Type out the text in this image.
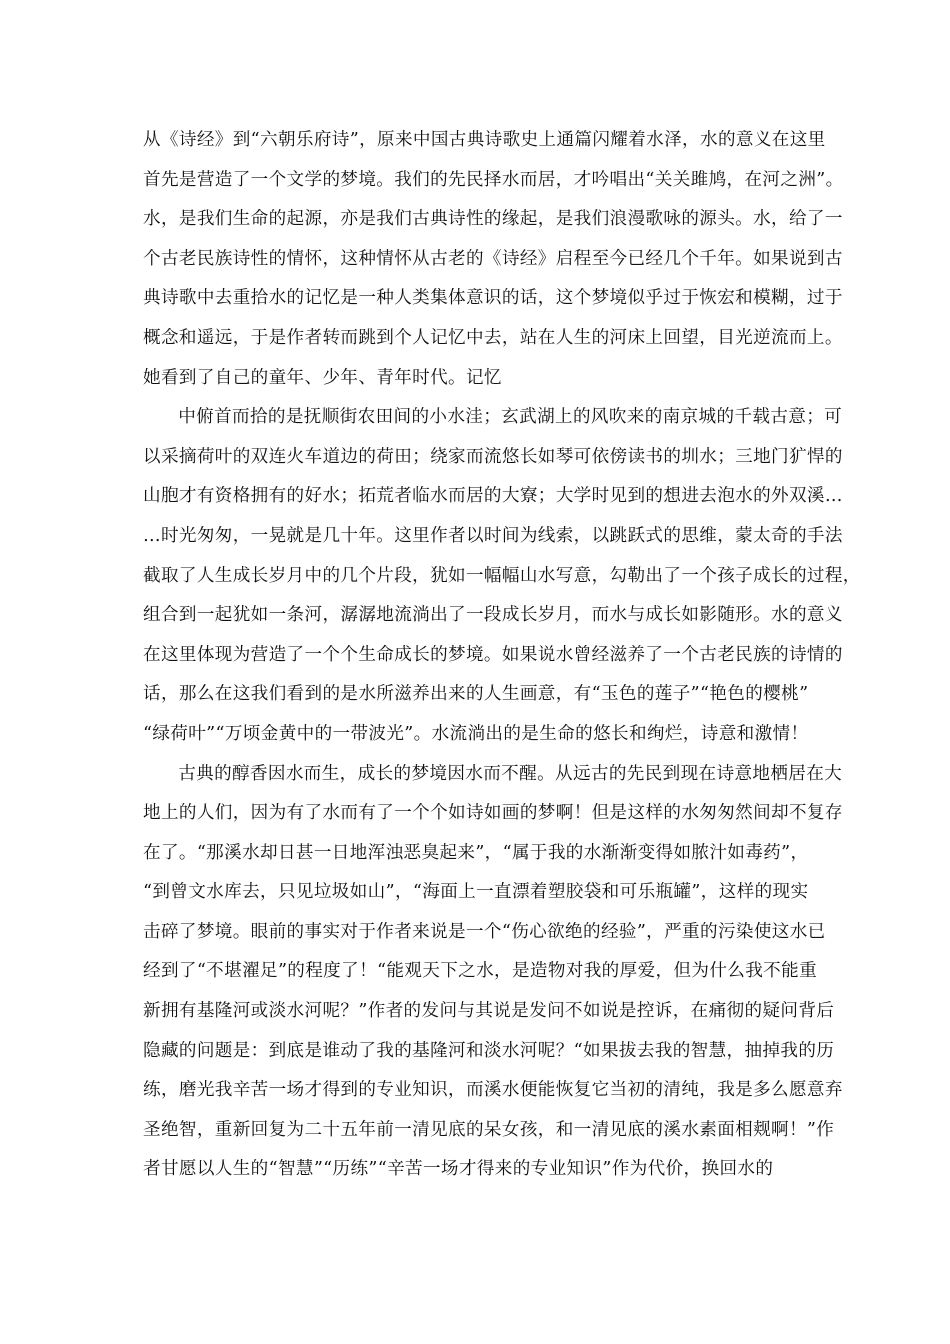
从《诗经》到“六朝乐府诗”，原来中国古典诗歌史上通篇闪耀着水泽，水的意义在这里
首先是营造了一个文学的梦境。我们的先民择水而居，才吟唱出“关关雎鸠，在河之洲”。
水，是我们生命的起源，亦是我们古典诗性的缘起，是我们浪漫歌咏的源头。水，给了一
个古老民族诗性的情怀，这种情怀从古老的《诗经》启程至今已经几个千年。如果说到古
典诗歌中去重拾水的记忆是一种人类集体意识的话，这个梦境似乎过于恢宏和模糊，过于
概念和遥远，于是作者转而跳到个人记忆中去，站在人生的河床上回望，目光逆流而上。
她看到了自己的童年、少年、青年时代。记忆

中俯首而拾的是抚顺街农田间的小水洼；玄武湖上的风吹来的南京城的千载古意；可
以采摘荷叶的双连火车道边的荷田；绕家而流悠长如琴可依傍读书的圳水；三地门犷悍的
山胞才有资格拥有的好水；拓荒者临水而居的大寮；大学时见到的想进去泡水的外双溪…
…时光匆匆，一晃就是几十年。这里作者以时间为线索，以跳跃式的思维，蒙太奇的手法
截取了人生成长岁月中的几个片段，犹如一幅幅山水写意，勾勒出了一个孩子成长的过程，
组合到一起犹如一条河，潺潺地流淌出了一段成长岁月，而水与成长如影随形。水的意义
在这里体现为营造了一个个生命成长的梦境。如果说水曾经滋养了一个古老民族的诗情的
话，那么在这我们看到的是水所滋养出来的人生画意，有“玉色的莲子”“艳色的樱桃”
“绿荷叶”“万顷金黄中的一带波光”。水流淌出的是生命的悠长和绚烂，诗意和激情！

古典的醇香因水而生，成长的梦境因水而不醒。从远古的先民到现在诗意地栖居在大
地上的人们，因为有了水而有了一个个如诗如画的梦啊！但是这样的水匆匆然间却不复存
在了。“那溪水却日甚一日地浑浊恶臭起来”，“属于我的水渐渐变得如脓汁如毒药”，
“到曾文水库去，只见垃圾如山”，“海面上一直漂着塑胶袋和可乐瓶罐”，这样的现实
击碎了梦境。眼前的事实对于作者来说是一个“伤心欲绝的经验”，严重的污染使这水已
经到了“不堪濯足”的程度了！“能观天下之水，是造物对我的厚爱，但为什么我不能重
新拥有基隆河或淡水河呢？”作者的发问与其说是发问不如说是控诉，在痛彻的疑问背后
隐藏的问题是：到底是谁动了我的基隆河和淡水河呢？“如果拔去我的智慧，抽掉我的历
练，磨光我辛苦一场才得到的专业知识，而溪水便能恢复它当初的清纯，我是多么愿意弃
圣绝智，重新回复为二十五年前一清见底的呆女孩，和一清见底的溪水素面相觌啊！”作
者甘愿以人生的“智慧”“历练”“辛苦一场才得来的专业知识”作为代价，换回水的
